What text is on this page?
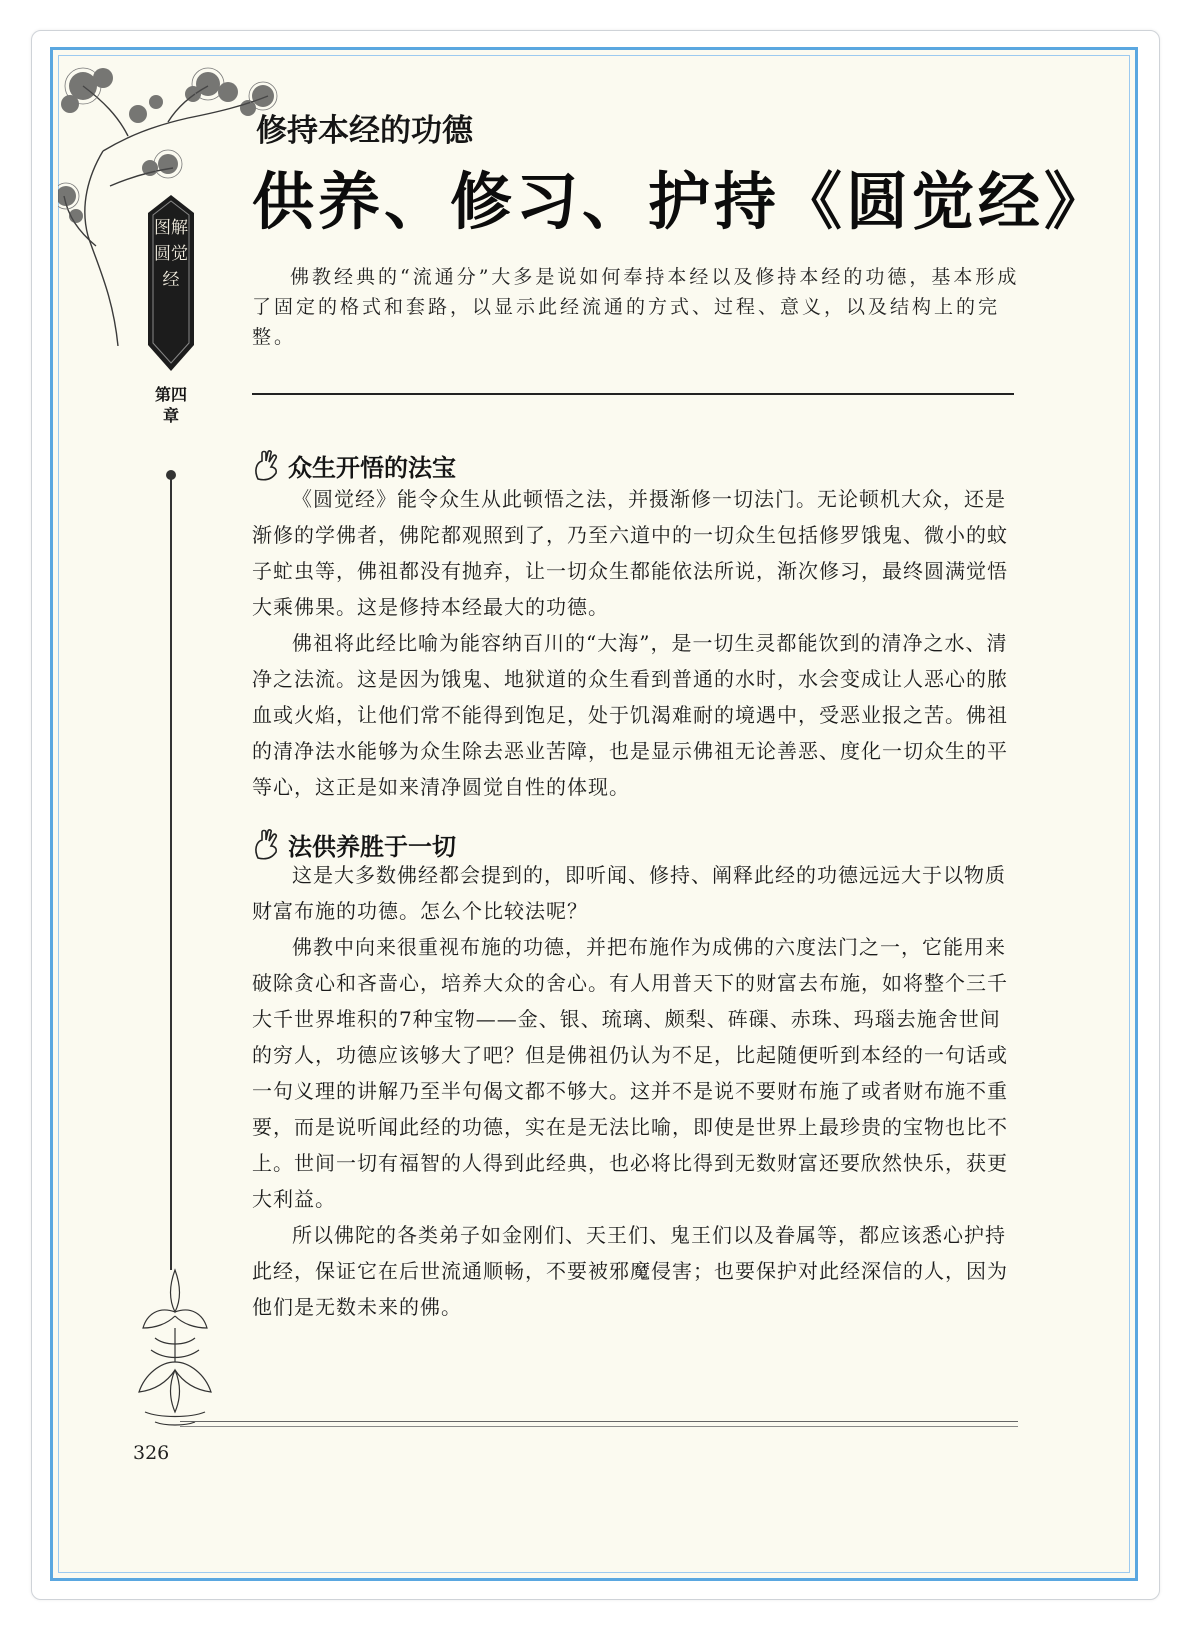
图解圆觉经
第四章
修持本经的功德
供养、修习、护持《圆觉经》

佛教经典的“流通分”大多是说如何奉持本经以及修持本经的功德，基本形成了固定的格式和套路，以显示此经流通的方式、过程、意义，以及结构上的完整。

众生开悟的法宝

《圆觉经》能令众生从此顿悟之法，并摄渐修一切法门。无论顿机大众，还是渐修的学佛者，佛陀都观照到了，乃至六道中的一切众生包括修罗饿鬼、微小的蚊子虻虫等，佛祖都没有抛弃，让一切众生都能依法所说，渐次修习，最终圆满觉悟大乘佛果。这是修持本经最大的功德。

佛祖将此经比喻为能容纳百川的“大海”，是一切生灵都能饮到的清净之水、清净之法流。这是因为饿鬼、地狱道的众生看到普通的水时，水会变成让人恶心的脓血或火焰，让他们常不能得到饱足，处于饥渴难耐的境遇中，受恶业报之苦。佛祖的清净法水能够为众生除去恶业苦障，也是显示佛祖无论善恶、度化一切众生的平等心，这正是如来清净圆觉自性的体现。

法供养胜于一切

这是大多数佛经都会提到的，即听闻、修持、阐释此经的功德远远大于以物质财富布施的功德。怎么个比较法呢？

佛教中向来很重视布施的功德，并把布施作为成佛的六度法门之一，它能用来破除贪心和吝啬心，培养大众的舍心。有人用普天下的财富去布施，如将整个三千大千世界堆积的7种宝物——金、银、琉璃、颇梨、砗磲、赤珠、玛瑙去施舍世间的穷人，功德应该够大了吧？但是佛祖仍认为不足，比起随便听到本经的一句话或一句义理的讲解乃至半句偈文都不够大。这并不是说不要财布施了或者财布施不重要，而是说听闻此经的功德，实在是无法比喻，即使是世界上最珍贵的宝物也比不上。世间一切有福智的人得到此经典，也必将比得到无数财富还要欣然快乐，获更大利益。

所以佛陀的各类弟子如金刚们、天王们、鬼王们以及眷属等，都应该悉心护持此经，保证它在后世流通顺畅，不要被邪魔侵害；也要保护对此经深信的人，因为他们是无数未来的佛。

326
